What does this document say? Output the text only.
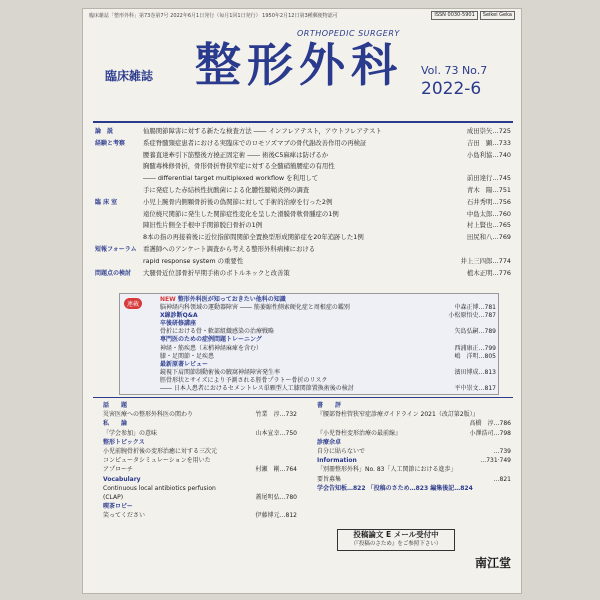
臨床雑誌「整形外科」第73巻第7号 2022年6月1日発行（毎月1回1日発行） 1950年2月12日第3種郵便物認可	ISSN 0030-5901	Seikei Geka
ORTHOPEDIC SURGERY
臨床雑誌 整形外科 Vol. 73 No.7
2022-6
論　説	仙腸関節障害に対する新たな検査方法 ―― インフレアテスト，アウトフレアテスト	成田崇矢…725
経験と考察	系症脊髄頸症患者における実臨床でのロモソズマブの骨代謝改善作用の再検証	吉田　顕…733
腰養直達牽引下筋整後方撓正固定術 ―― 術後C5麻痺は防げるか	小島利協…740
胸髄毒株修骨折，骨形骨折脊狭窄症に対する全髄硝簡腰症の有用性
―― differential target multiplexed workflow を利用して	前田達行…745
手に発症した赤結核性抗酸菌による化膿性腱鞘炎例の調査	青木　陽…751
臨 床 室	小児上腕骨内側顆骨折後の偽関節に対して手術的治療を行った2例	石井秀明…756
遠位橈尺関節に発生した関節症性変化を呈した滑膜骨軟骨腫症の1例	中島太郎…760
陳旧性片側全手根中手関節脱臼骨折の1例	村上賢也…765
8本の指の再接着後に近位指節間関節全置換型形成関節症を20年追跡した1例	田尻和八…769
短報フォーラム 看護師へのアンケート調査から考える整形外科病棟における
rapid response system の重要性	井上三四郎…774
問題点の検討	大腿骨近位部骨折早期手術のボトルネックと改善策	植木正明…776
連載
NEW 整形外科医が知っておきたい他科の知識
脳神経内科領域の運動器障害 ―― 筋萎縮性側索硬化症と周根症の鑑別	中森正博…781
X線診断Q&A	小松原悟史…787
卒後研修講座
骨折における骨・軟部組織感染の治療戦略	矢島弘嗣…789
専門医のための症例問題トレーニング
神経・筋疾患（末梢神経麻痺を含む）	西浦康正…799
膝・足関節・足疾患	嶋　洋明…805
最新原著レビュー
鏡視下肩関節制動術後の腋窩神経障害発生率	濱田博成…813
脛骨形状とサイズにより予測される脛骨プラトー骨折のリスク
―― 日本人患者におけるセメントレス単顆型人工膝関節置換術後の検討	平中崇文…817
話　　題
災害医療への整形外科医の関わり	竹業　淳…732
私　　論
「学会参加」の意味	山本宣幸…750
整形トピックス
小児前腕骨折後の変形治癒に対する三次元
コンピュータシミュレーションを用いた
アプローチ	村瀬　剛…764
Vocabulary
Continuous local antibiotics perfusion
(CLAP)	蓋尾明弘…780
喫茶ロビー
笑ってください	伊藤博元…812
書　　評
『腰部脊柱管狭窄症診療ガイドライン 2021（改訂第2版）』
髙橋　淳…786
『小児脊柱変形治療の最前線』	小澤浩司…798
診療余卓
自分に貼らないで	…739
Information	…731·749
「別冊整形外科」No. 83「人工関節における進歩」
要旨募集	…821
学会告知板…822 「投稿のさため…823 編集後記…824
投稿論文 E メール受付中
（『投稿のさため』をご参照下さい）
南江堂
